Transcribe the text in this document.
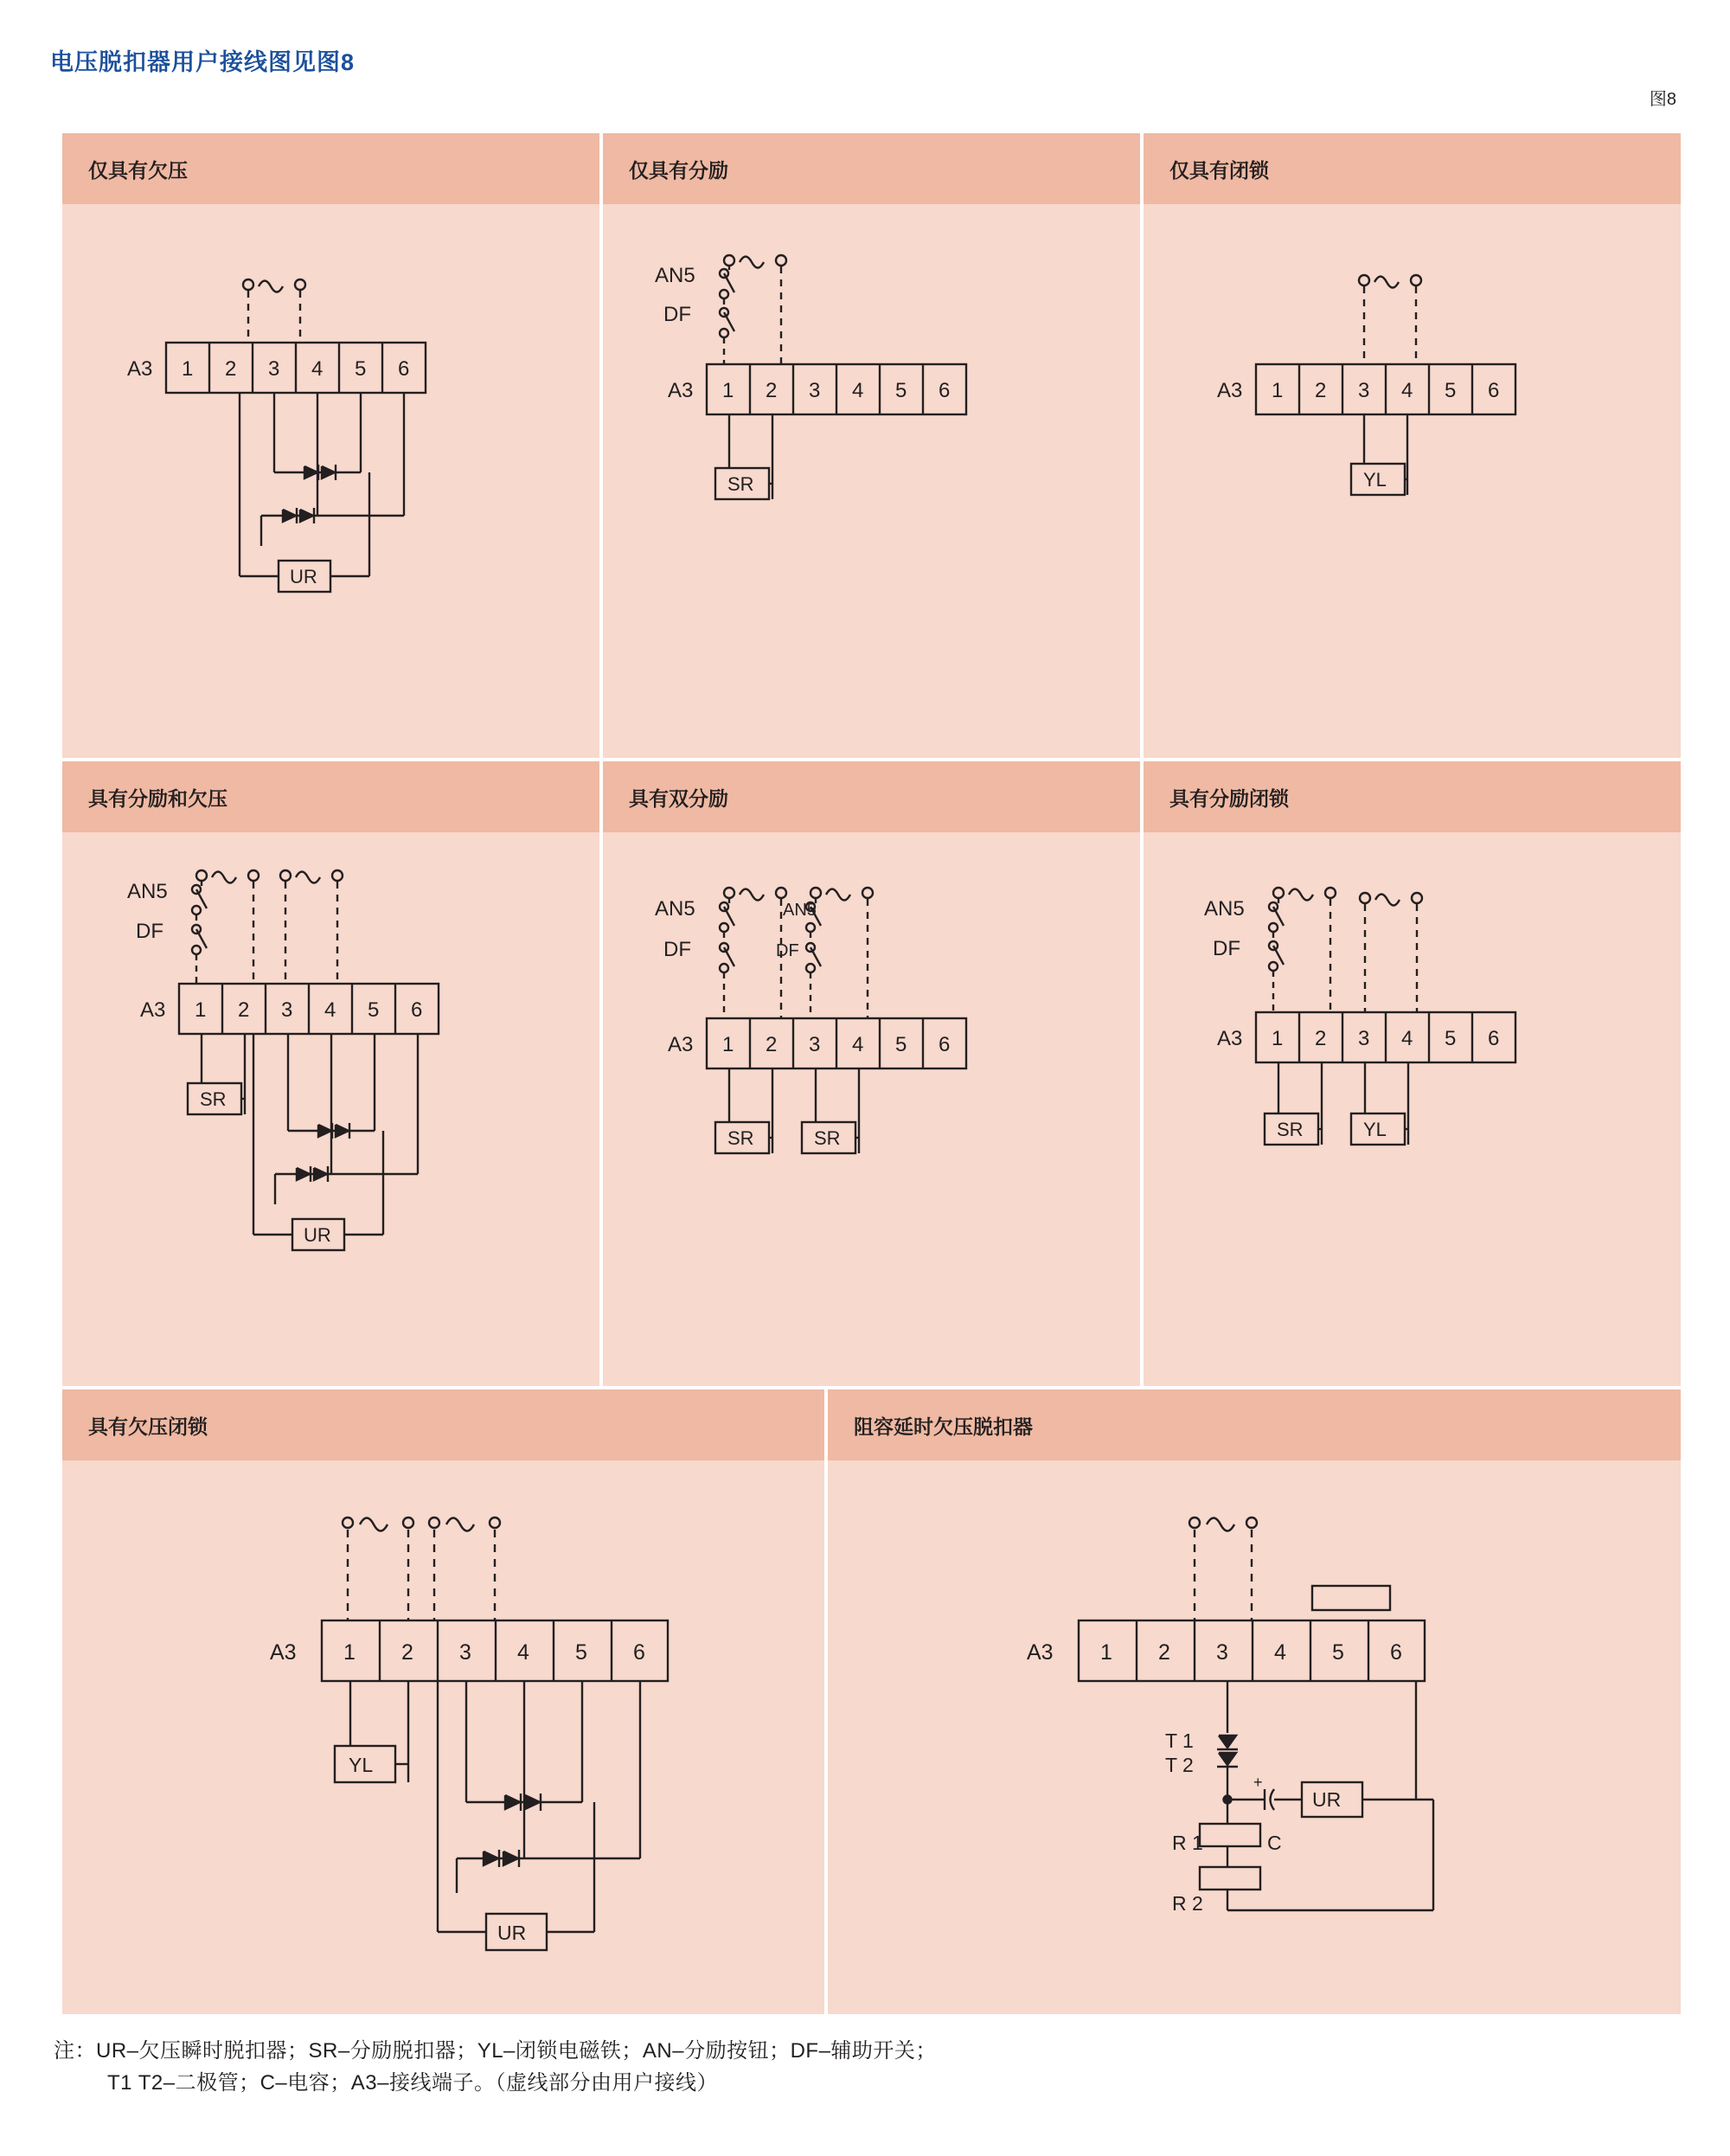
电压脱扣器用户接线图见图8
图8
仅具有欠压
A3 1 2 3 4 5 6
UR
仅具有分励
AN5
DF
A3 1 2 3 4 5 6
SR
仅具有闭锁
A3 1 2 3 4 5 6
YL
具有分励和欠压
AN5
DF
A3 1 2 3 4 5 6
SR
UR
具有双分励
AN5
DF
AN5
DF
A3 1 2 3 4 5 6
SR	SR
具有分励闭锁
AN5
DF
A3 1 2 3 4 5 6
SR	YL
具有欠压闭锁
A3 1 2 3 4 5 6
YL
UR
阻容延时欠压脱扣器
A3 1 2 3 4 5 6
T 1
T 2
+
UR
R 1	C
R 2
注：UR–欠压瞬时脱扣器；SR–分励脱扣器；YL–闭锁电磁铁；AN–分励按钮；DF–辅助开关；
T1 T2–二极管；C–电容；A3–接线端子。（虚线部分由用户接线）
